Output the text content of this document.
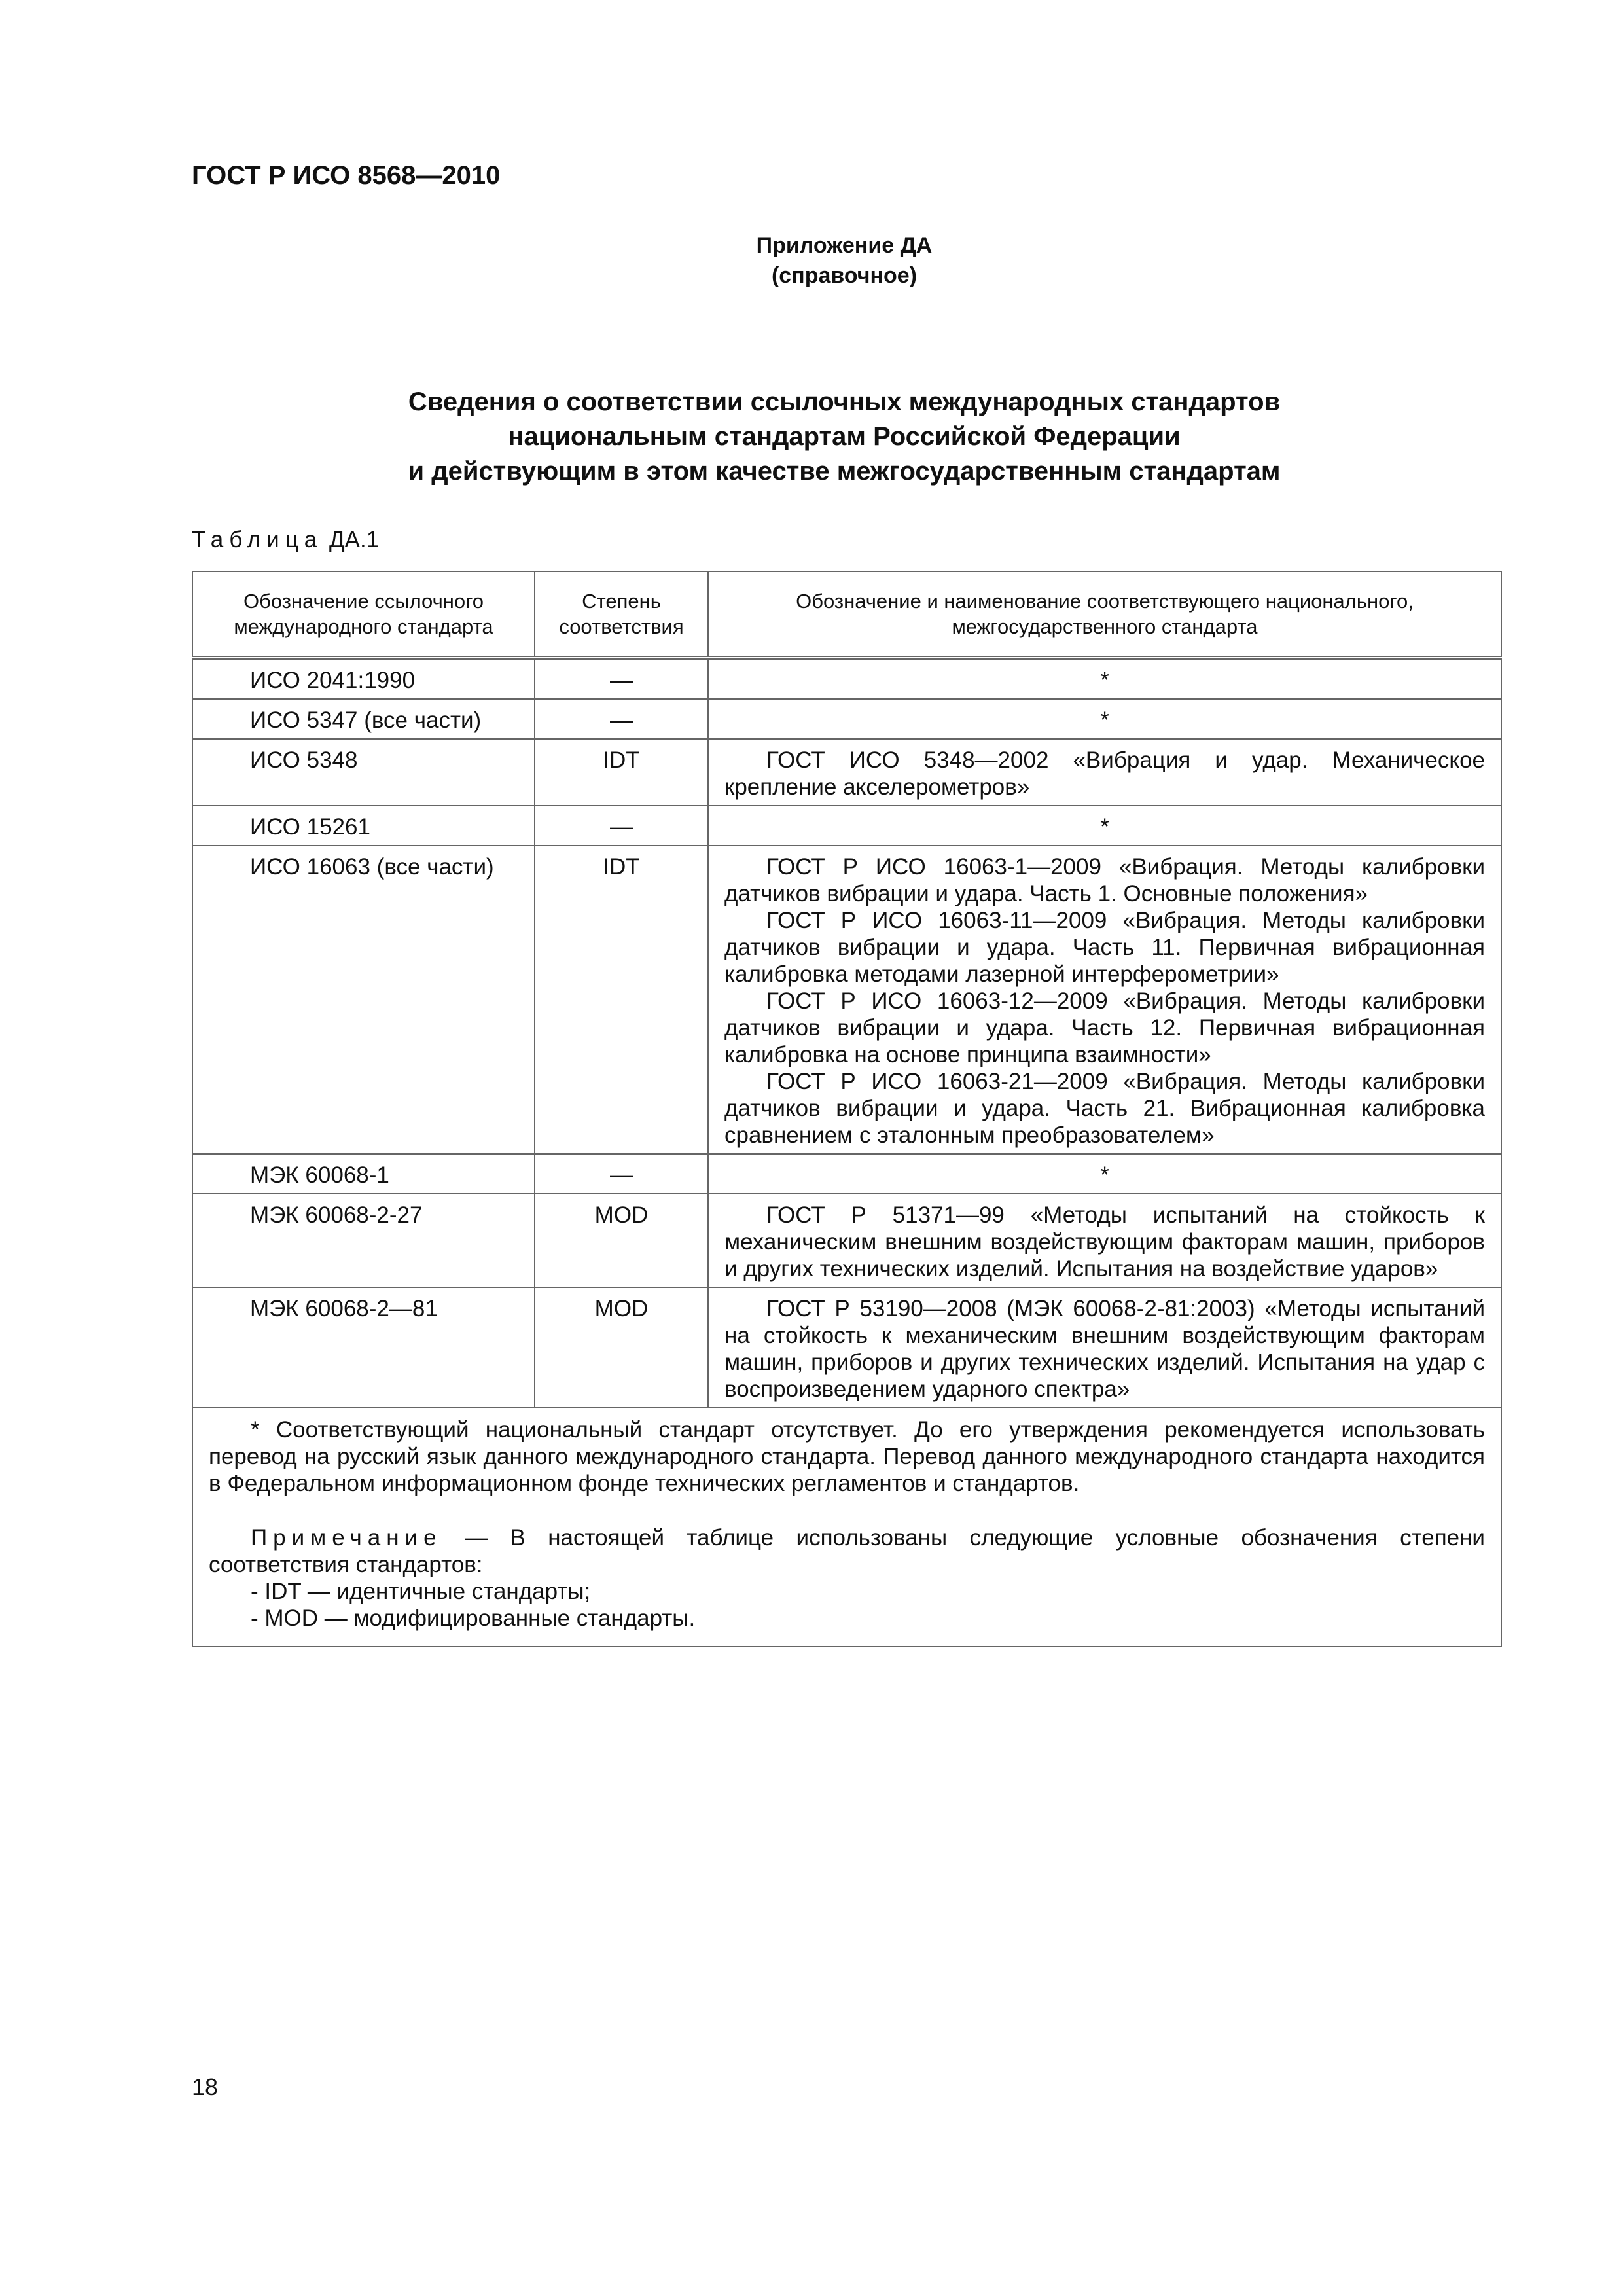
ГОСТ Р ИСО 8568—2010
Приложение ДА
(справочное)
Сведения о соответствии ссылочных международных стандартов
национальным стандартам Российской Федерации
и действующим в этом качестве межгосударственным стандартам
Таблица ДА.1
Обозначение ссылочного международного стандарта	Степень соответствия	Обозначение и наименование соответствующего национального, межгосударственного стандарта
ИСО 2041:1990	—	*

ИСО 5347 (все части)	—	*

ИСО 5348	IDT	ГОСТ ИСО 5348—2002 «Вибрация и удар. Механическое крепление акселерометров»

ИСО 15261	—	*

ИСО 16063 (все части)	IDT	ГОСТ Р ИСО 16063-1—2009 «Вибрация. Методы калибровки датчиков вибрации и удара. Часть 1. Основные положения»
ГОСТ Р ИСО 16063-11—2009 «Вибрация. Методы калибровки датчиков вибрации и удара. Часть 11. Первичная вибрационная калибровка методами лазерной интерферометрии»
ГОСТ Р ИСО 16063-12—2009 «Вибрация. Методы калибровки датчиков вибрации и удара. Часть 12. Первичная вибрационная калибровка на основе принципа взаимности»
ГОСТ Р ИСО 16063-21—2009 «Вибрация. Методы калибровки датчиков вибрации и удара. Часть 21. Вибрационная калибровка сравнением с эталонным преобразователем»

МЭК 60068-1	—	*

МЭК 60068-2-27	MOD	ГОСТ Р 51371—99 «Методы испытаний на стойкость к механическим внешним воздействующим факторам машин, приборов и других технических изделий. Испытания на воздействие ударов»

МЭК 60068-2—81	MOD	ГОСТ Р 53190—2008 (МЭК 60068-2-81:2003) «Методы испытаний на стойкость к механическим внешним воздействующим факторам машин, приборов и других технических изделий. Испытания на удар с воспроизведением ударного спектра»

* Соответствующий национальный стандарт отсутствует. До его утверждения рекомендуется использовать перевод на русский язык данного международного стандарта. Перевод данного международного стандарта находится в Федеральном информационном фонде технических регламентов и стандартов.
Примечание — В настоящей таблице использованы следующие условные обозначения степени соответствия стандартов:
- IDT — идентичные стандарты;
- MOD — модифицированные стандарты.		
18
